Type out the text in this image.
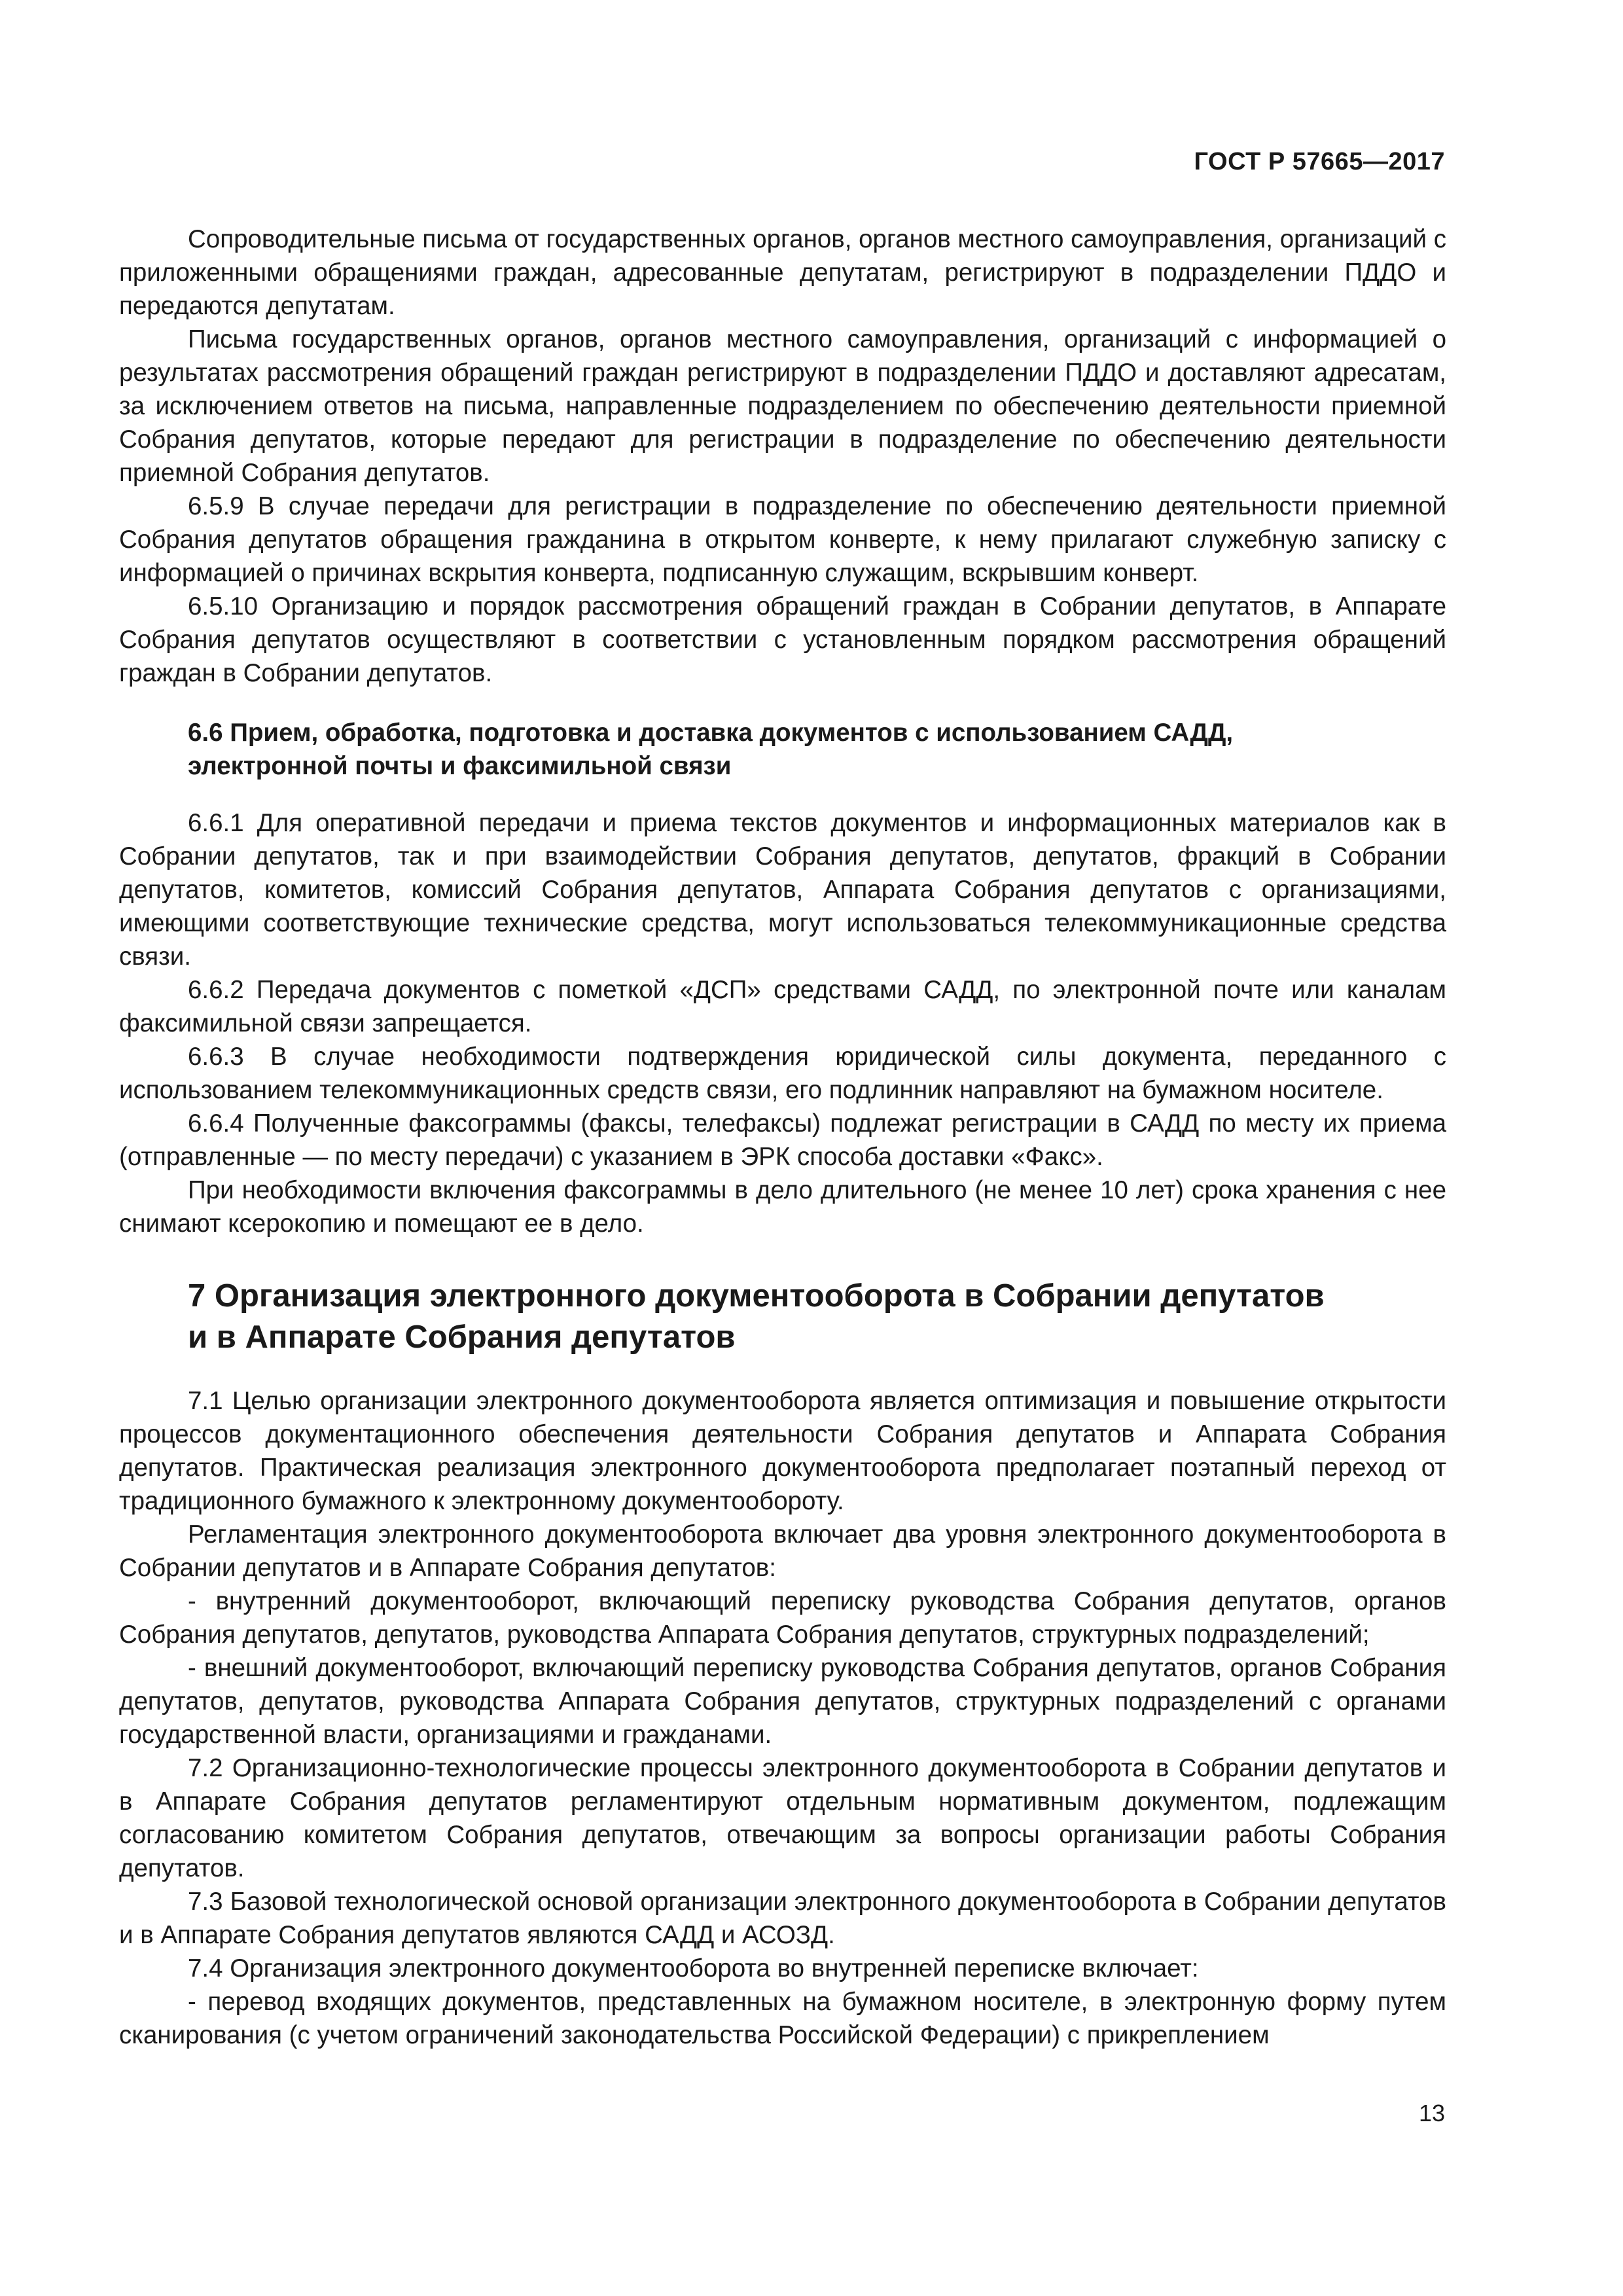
ГОСТ Р 57665—2017

Сопроводительные письма от государственных органов, органов местного самоуправления, организаций с приложенными обращениями граждан, адресованные депутатам, регистрируют в подразделении ПДДО и передаются депутатам.

Письма государственных органов, органов местного самоуправления, организаций с информацией о результатах рассмотрения обращений граждан регистрируют в подразделении ПДДО и доставляют адресатам, за исключением ответов на письма, направленные подразделением по обеспечению деятельности приемной Собрания депутатов, которые передают для регистрации в подразделение по обеспечению деятельности приемной Собрания депутатов.

6.5.9 В случае передачи для регистрации в подразделение по обеспечению деятельности приемной Собрания депутатов обращения гражданина в открытом конверте, к нему прилагают служебную записку с информацией о причинах вскрытия конверта, подписанную служащим, вскрывшим конверт.

6.5.10 Организацию и порядок рассмотрения обращений граждан в Собрании депутатов, в Аппарате Собрания депутатов осуществляют в соответствии с установленным порядком рассмотрения обращений граждан в Собрании депутатов.

6.6 Прием, обработка, подготовка и доставка документов с использованием САДД,
электронной почты и факсимильной связи

6.6.1 Для оперативной передачи и приема текстов документов и информационных материалов как в Собрании депутатов, так и при взаимодействии Собрания депутатов, депутатов, фракций в Собрании депутатов, комитетов, комиссий Собрания депутатов, Аппарата Собрания депутатов с организациями, имеющими соответствующие технические средства, могут использоваться телекоммуникационные средства связи.

6.6.2 Передача документов с пометкой «ДСП» средствами САДД, по электронной почте или каналам факсимильной связи запрещается.

6.6.3 В случае необходимости подтверждения юридической силы документа, переданного с использованием телекоммуникационных средств связи, его подлинник направляют на бумажном носителе.

6.6.4 Полученные факсограммы (факсы, телефаксы) подлежат регистрации в САДД по месту их приема (отправленные — по месту передачи) с указанием в ЭРК способа доставки «Факс».

При необходимости включения факсограммы в дело длительного (не менее 10 лет) срока хранения с нее снимают ксерокопию и помещают ее в дело.

7 Организация электронного документооборота в Собрании депутатов
и в Аппарате Собрания депутатов

7.1 Целью организации электронного документооборота является оптимизация и повышение открытости процессов документационного обеспечения деятельности Собрания депутатов и Аппарата Собрания депутатов. Практическая реализация электронного документооборота предполагает поэтапный переход от традиционного бумажного к электронному документообороту.

Регламентация электронного документооборота включает два уровня электронного документооборота в Собрании депутатов и в Аппарате Собрания депутатов:

- внутренний документооборот, включающий переписку руководства Собрания депутатов, органов Собрания депутатов, депутатов, руководства Аппарата Собрания депутатов, структурных подразделений;

- внешний документооборот, включающий переписку руководства Собрания депутатов, органов Собрания депутатов, депутатов, руководства Аппарата Собрания депутатов, структурных подразделений с органами государственной власти, организациями и гражданами.

7.2 Организационно-технологические процессы электронного документооборота в Собрании депутатов и в Аппарате Собрания депутатов регламентируют отдельным нормативным документом, подлежащим согласованию комитетом Собрания депутатов, отвечающим за вопросы организации работы Собрания депутатов.

7.3 Базовой технологической основой организации электронного документооборота в Собрании депутатов и в Аппарате Собрания депутатов являются САДД и АСОЗД.

7.4 Организация электронного документооборота во внутренней переписке включает:

- перевод входящих документов, представленных на бумажном носителе, в электронную форму путем сканирования (с учетом ограничений законодательства Российской Федерации) с прикреплением

13
